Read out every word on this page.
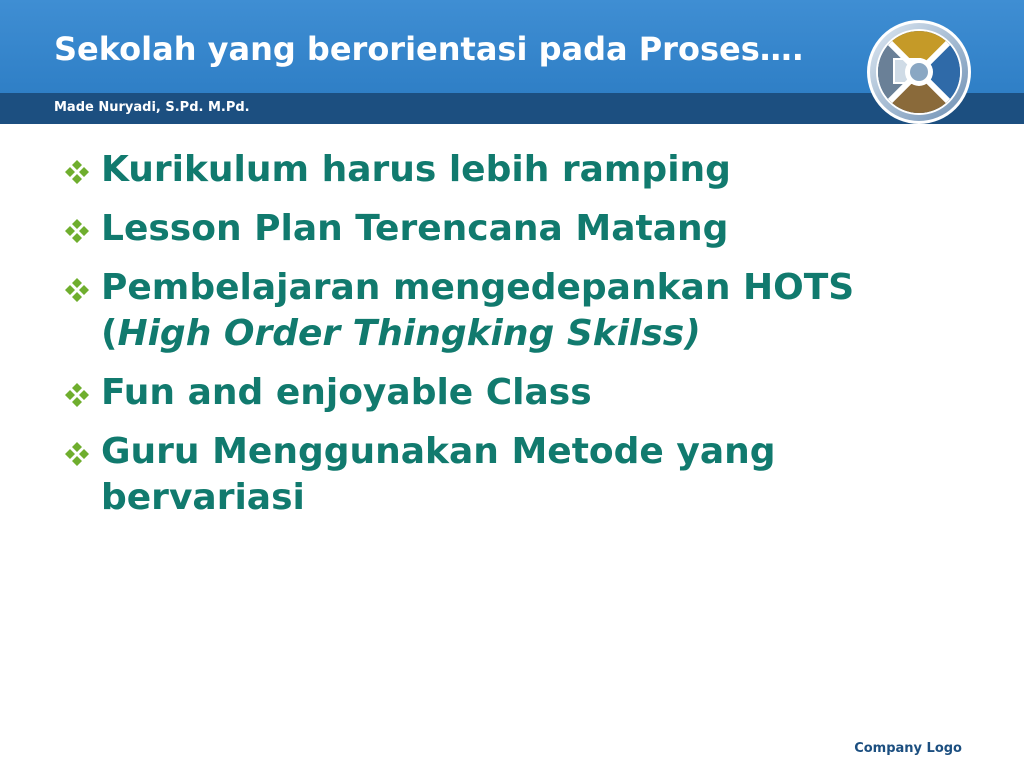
Sekolah yang berorientasi pada Proses….
Made Nuryadi, S.Pd. M.Pd.
Kurikulum harus lebih ramping
Lesson Plan Terencana Matang
Pembelajaran mengedepankan HOTS (High Order Thingking Skilss)
Fun and enjoyable Class
Guru Menggunakan Metode yang bervariasi
Company Logo
